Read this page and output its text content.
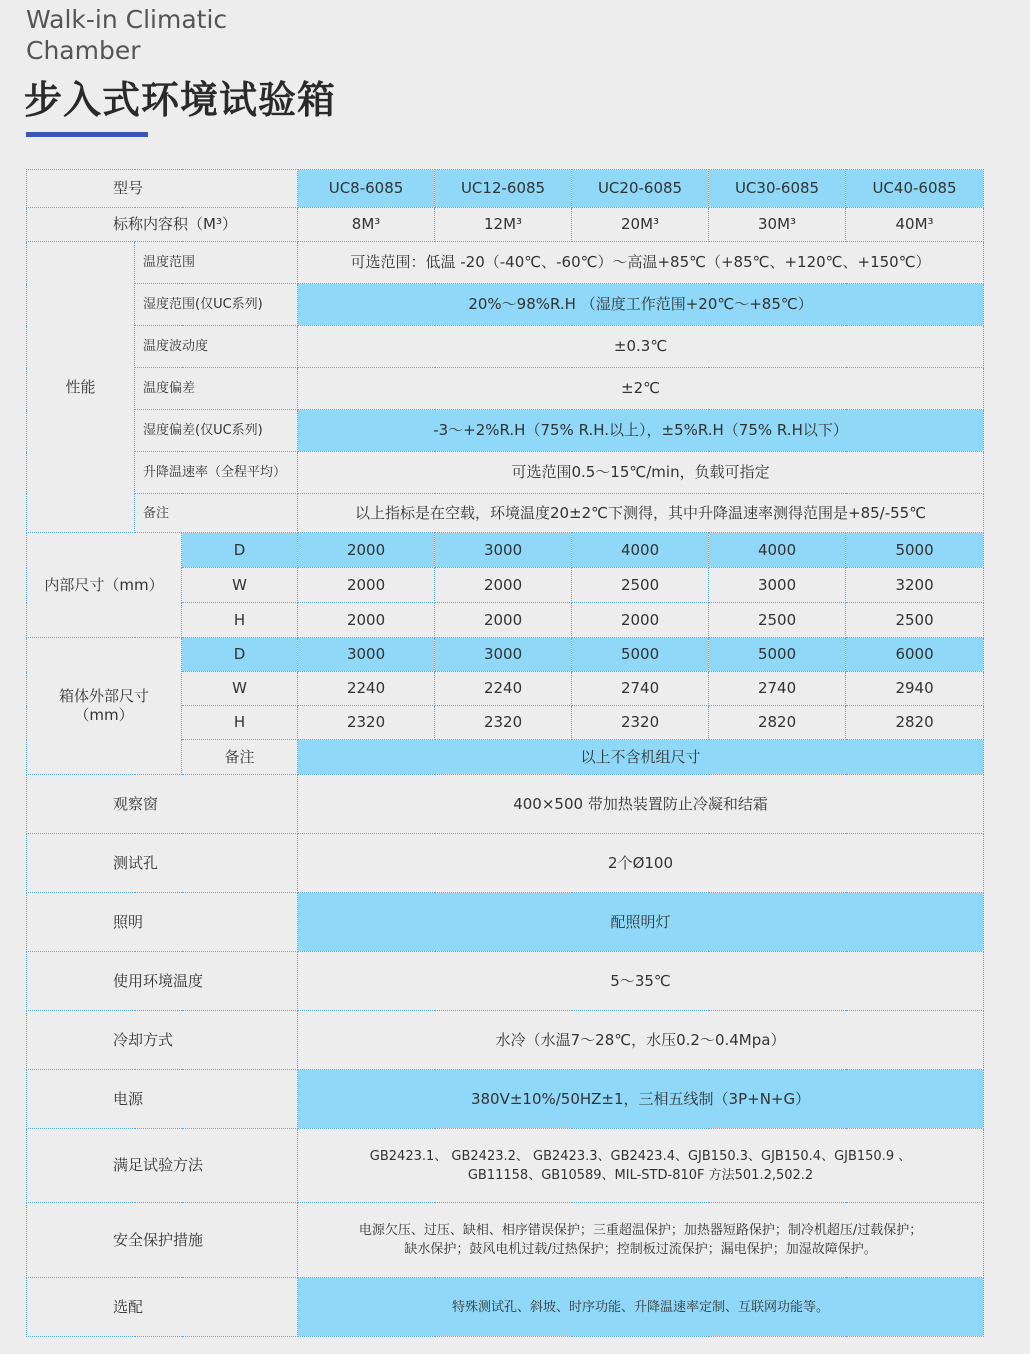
Walk-in Climatic
Chamber
步入式环境试验箱
型号			UC8-6085	UC12-6085	UC20-6085	UC30-6085	UC40-6085
标称内容积（M³）			8M³	12M³	20M³	30M³	40M³
性能	温度范围		可选范围：低温 -20（-40℃、-60℃）～高温+85℃（+85℃、+120℃、+150℃）				
	湿度范围(仅UC系列)		20%～98%R.H （湿度工作范围+20℃～+85℃）				
	温度波动度		±0.3℃				
	温度偏差		±2℃				
	湿度偏差(仅UC系列)		-3～+2%R.H（75% R.H.以上），±5%R.H（75% R.H以下）				
	升降温速率（全程平均）		可选范围0.5～15℃/min，负载可指定				
	备注		以上指标是在空载，环境温度20±2℃下测得，其中升降温速率测得范围是+85/-55℃				
内部尺寸（mm）		D	2000	3000	4000	4000	5000
		W	2000	2000	2500	3000	3200
		H	2000	2000	2000	2500	2500

箱体外部尺寸
（mm）		D	3000	3000	5000	5000	6000
		W	2240	2240	2740	2740	2940
		H	2320	2320	2320	2820	2820
		备注	以上不含机组尺寸				
观察窗			400×500 带加热装置防止冷凝和结霜				
测试孔			2个Ø100				
照明			配照明灯				
使用环境温度			5～35℃				
冷却方式			水冷（水温7～28℃，水压0.2～0.4Mpa）				
电源			380V±10%/50HZ±1，三相五线制（3P+N+G）				
满足试验方法			GB2423.1、 GB2423.2、 GB2423.3、GB2423.4、GJB150.3、GJB150.4、GJB150.9 、
GB11158、GB10589、MIL-STD-810F 方法501.2,502.2				

安全保护措施			电源欠压、过压、缺相、相序错误保护；三重超温保护；加热器短路保护；制冷机超压/过载保护；
缺水保护；鼓风电机过载/过热保护；控制板过流保护；漏电保护；加湿故障保护。				

选配			特殊测试孔、斜坡、时序功能、升降温速率定制、互联网功能等。				
